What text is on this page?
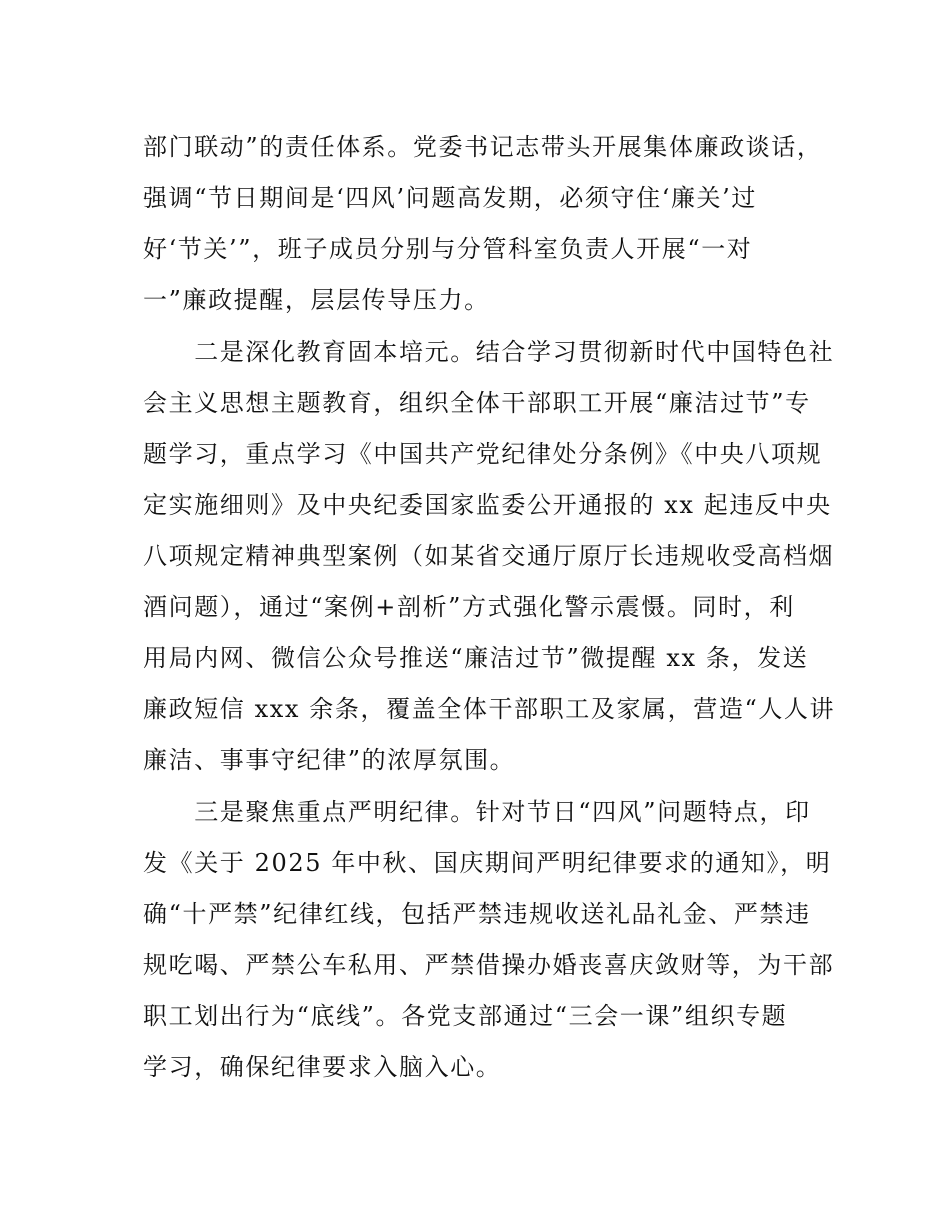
部门联动”的责任体系。党委书记志带头开展集体廉政谈话，
强调“节日期间是‘四风’问题高发期，必须守住‘廉关’过
好‘节关’”，班子成员分别与分管科室负责人开展“一对
一”廉政提醒，层层传导压力。
　　二是深化教育固本培元。结合学习贯彻新时代中国特色社
会主义思想主题教育，组织全体干部职工开展“廉洁过节”专
题学习，重点学习《中国共产党纪律处分条例》《中央八项规
定实施细则》及中央纪委国家监委公开通报的 xx 起违反中央
八项规定精神典型案例（如某省交通厅原厅长违规收受高档烟
酒问题），通过“案例+剖析”方式强化警示震慑。同时，利
用局内网、微信公众号推送“廉洁过节”微提醒 xx 条，发送
廉政短信 xxx 余条，覆盖全体干部职工及家属，营造“人人讲
廉洁、事事守纪律”的浓厚氛围。
　　三是聚焦重点严明纪律。针对节日“四风”问题特点，印
发《关于 2025 年中秋、国庆期间严明纪律要求的通知》，明
确“十严禁”纪律红线，包括严禁违规收送礼品礼金、严禁违
规吃喝、严禁公车私用、严禁借操办婚丧喜庆敛财等，为干部
职工划出行为“底线”。各党支部通过“三会一课”组织专题
学习，确保纪律要求入脑入心。
